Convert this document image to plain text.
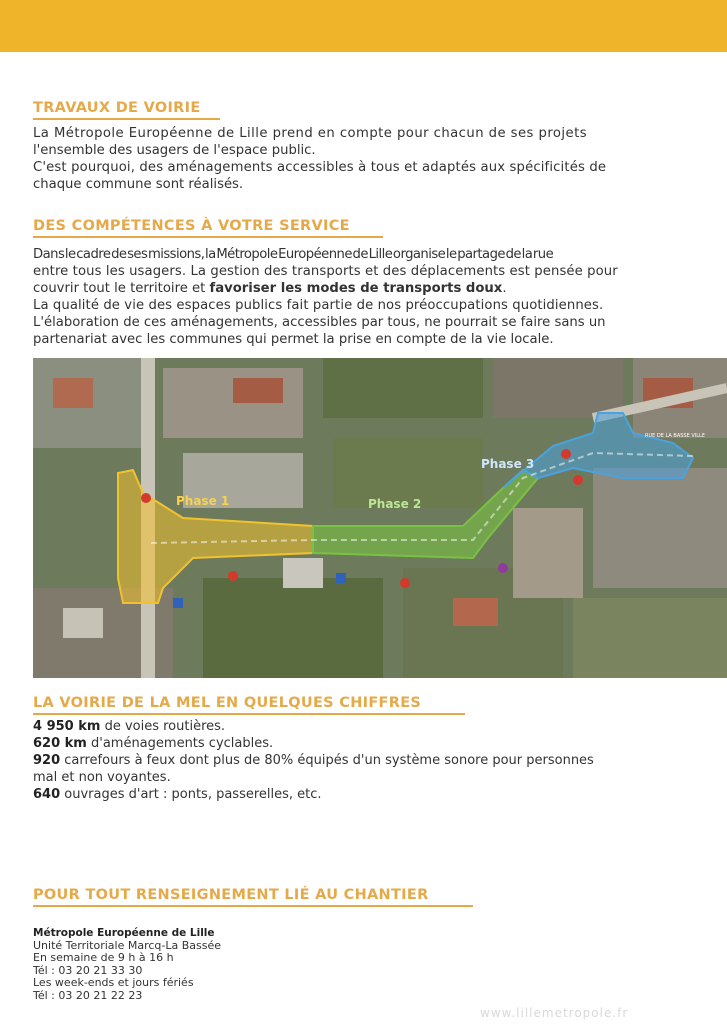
TRAVAUX DE VOIRIE

La Métropole Européenne de Lille prend en compte pour chacun de ses projets

l'ensemble des usagers de l'espace public.

C'est pourquoi, des aménagements accessibles à tous et adaptés aux spécificités de

chaque commune sont réalisés.

DES COMPÉTENCES À VOTRE SERVICE

Dans le cadre de ses missions, la Métropole Européenne de Lille organise le partage de la rue

entre tous les usagers. La gestion des transports et des déplacements est pensée pour

couvrir tout le territoire et favoriser les modes de transports doux.

La qualité de vie des espaces publics fait partie de nos préoccupations quotidiennes.

L'élaboration de ces aménagements, accessibles par tous, ne pourrait se faire sans un

partenariat avec les communes qui permet la prise en compte de la vie locale.

Phase 1	Phase 2
Phase 3
RUE DE LA BASSE VILLE
LA VOIRIE DE LA MEL EN QUELQUES CHIFFRES
4 950 km de voies routières.
620 km d'aménagements cyclables.
920 carrefours à feux dont plus de 80% équipés d'un système sonore pour personnes
mal et non voyantes.
640 ouvrages d'art : ponts, passerelles, etc.
POUR TOUT RENSEIGNEMENT LIÉ AU CHANTIER
Métropole Européenne de Lille
Unité Territoriale Marcq-La Bassée
En semaine de 9 h à 16 h
Tél : 03 20 21 33 30
Les week-ends et jours fériés
Tél : 03 20 21 22 23
www.lillemetropole.fr
